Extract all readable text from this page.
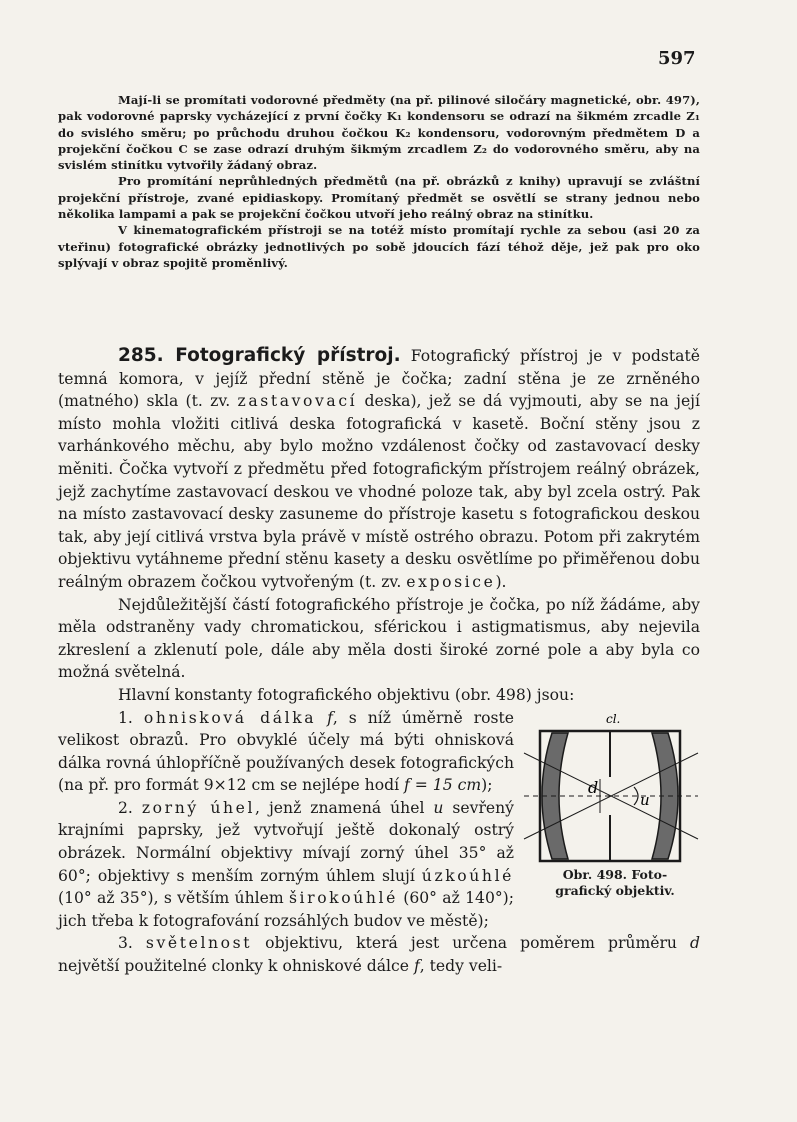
597

Mají-li se promítati vodorovné předměty (na př. pilinové siločáry magnetické, obr. 497), pak vodorovné paprsky vycházející z první čočky K₁ kondensoru se odrazí na šikmém zrcadle Z₁ do svislého směru; po průchodu druhou čočkou K₂ kondensoru, vodorovným předmětem D a projekční čočkou C se zase odrazí druhým šikmým zrcadlem Z₂ do vodorovného směru, aby na svislém stinítku vytvořily žádaný obraz.

Pro promítání neprůhledných předmětů (na př. obrázků z knihy) upravují se zvláštní projekční přístroje, zvané epidiaskopy. Promítaný předmět se osvětlí se strany jednou nebo několika lampami a pak se projekční čočkou utvoří jeho reálný obraz na stinítku.

V kinematografickém přístroji se na totéž místo promítají rychle za sebou (asi 20 za vteřinu) fotografické obrázky jednotlivých po sobě jdoucích fází téhož děje, jež pak pro oko splývají v obraz spojitě proměnlivý.

285. Fotografický přístroj. Fotografický přístroj je v podstatě temná komora, v jejíž přední stěně je čočka; zadní stěna je ze zrněného (matného) skla (t. zv. zastavovací deska), jež se dá vyjmouti, aby se na její místo mohla vložiti citlivá deska fotografická v kasetě. Boční stěny jsou z varhánkového měchu, aby bylo možno vzdálenost čočky od zastavovací desky měniti. Čočka vytvoří z předmětu před fotografickým přístrojem reálný obrázek, jejž zachytíme zastavovací deskou ve vhodné poloze tak, aby byl zcela ostrý. Pak na místo zastavovací desky zasuneme do přístroje kasetu s fotografickou deskou tak, aby její citlivá vrstva byla právě v místě ostrého obrazu. Potom při zakrytém objektivu vytáhneme přední stěnu kasety a desku osvětlíme po přiměřenou dobu reálným obrazem čočkou vytvořeným (t. zv. exposice).

Nejdůležitější částí fotografického přístroje je čočka, po níž žádáme, aby měla odstraněny vady chromatickou, sférickou i astigmatismus, aby nejevila zkreslení a zklenutí pole, dále aby měla dosti široké zorné pole a aby byla co možná světelná.

Hlavní konstanty fotografického objektivu (obr. 498) jsou:

cl.
d
u
Obr. 498. Foto-
grafický objektiv.

1. ohnisková dálka f, s níž úměrně roste velikost obrazů. Pro obvyklé účely má býti ohnisková dálka rovná úhlopříčně používaných desek fotografických (na př. pro formát 9×12 cm se nejlépe hodí f = 15 cm);

2. zorný úhel, jenž znamená úhel u sevřený krajními paprsky, jež vytvořují ještě dokonalý ostrý obrázek. Normální objektivy mívají zorný úhel 35° až 60°; objektivy s menším zorným úhlem slují úzkoúhlé (10° až 35°), s větším úhlem širokoúhlé (60° až 140°); jich třeba k fotografování rozsáhlých budov ve městě);

3. světelnost objektivu, která jest určena poměrem průměru d největší použitelné clonky k ohniskové dálce f, tedy veli-
